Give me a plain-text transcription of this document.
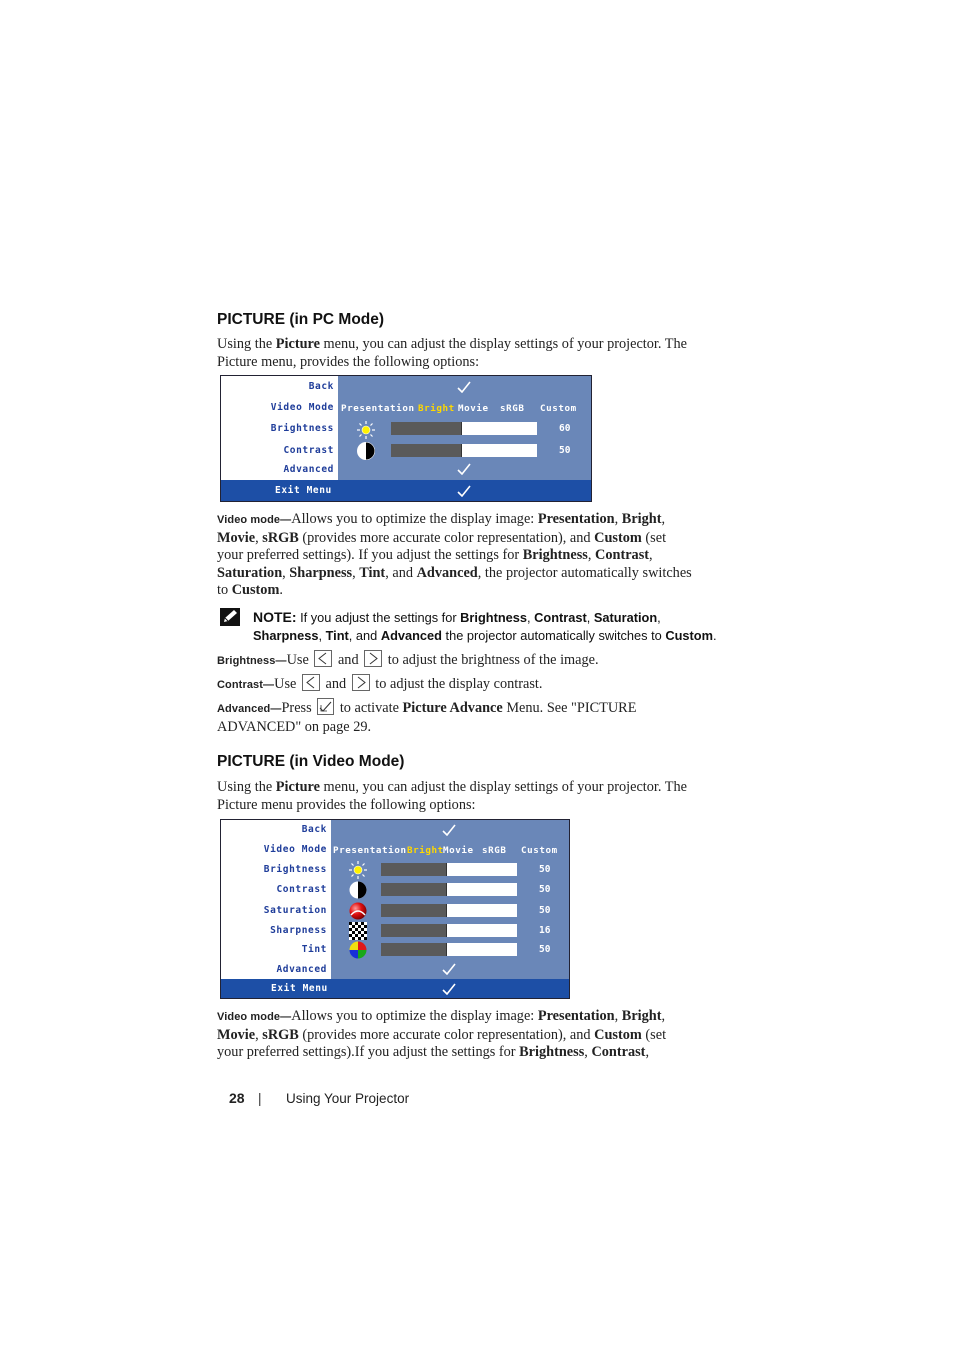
PICTURE (in PC Mode)
Using the Picture menu, you can adjust the display settings of your projector. The
Picture menu, provides the following options:
Back
Video Mode
Brightness
Contrast
Advanced
Presentation Bright Movie sRGB Custom
60
50
Exit Menu
Video mode—Allows you to optimize the display image: Presentation, Bright,
Movie, sRGB (provides more accurate color representation), and Custom (set
your preferred settings). If you adjust the settings for Brightness, Contrast,
Saturation, Sharpness, Tint, and Advanced, the projector automatically switches
to Custom.
NOTE: If you adjust the settings for Brightness, Contrast, Saturation,
Sharpness, Tint, and Advanced the projector automatically switches to Custom.
Brightness—Use
and
to adjust the brightness of the image.
Contrast—Use
and
to adjust the display contrast.
Advanced—Press
to activate Picture Advance Menu. See "PICTURE
ADVANCED" on page 29.
PICTURE (in Video Mode)
Using the Picture menu, you can adjust the display settings of your projector. The
Picture menu provides the following options:
Back
Video Mode
Brightness
Contrast
Saturation
Sharpness
Tint
Advanced
Presentation Bright Movie sRGB Custom
50
50
50
16
50
Exit Menu
Video mode—Allows you to optimize the display image: Presentation, Bright,
Movie, sRGB (provides more accurate color representation), and Custom (set
your preferred settings).If you adjust the settings for Brightness, Contrast,
28 | Using Your Projector
